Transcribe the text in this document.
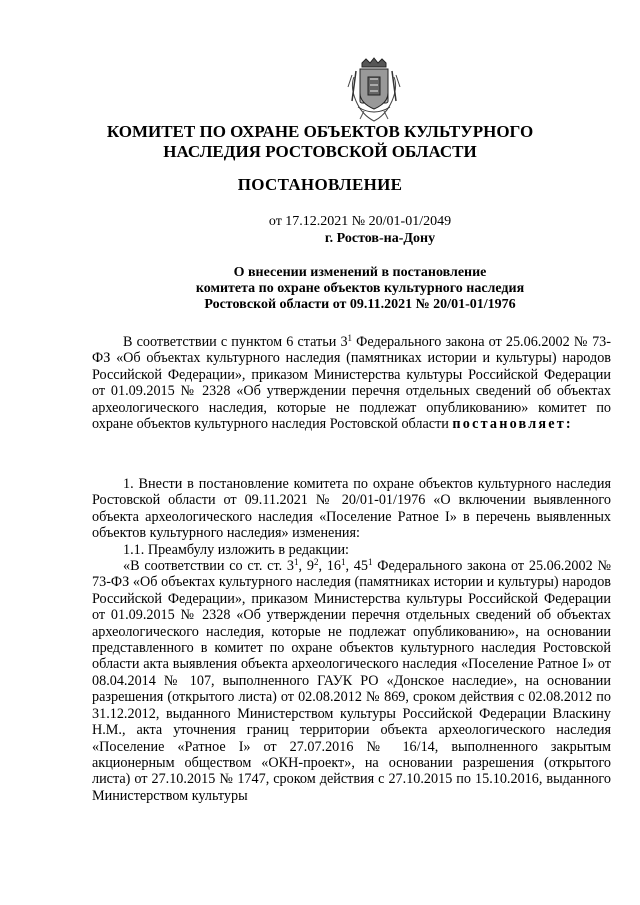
КОМИТЕТ ПО ОХРАНЕ ОБЪЕКТОВ КУЛЬТУРНОГО
НАСЛЕДИЯ РОСТОВСКОЙ ОБЛАСТИ
ПОСТАНОВЛЕНИЕ
от 17.12.2021 № 20/01-01/2049
г. Ростов-на-Дону
О внесении изменений в постановление
комитета по охране объектов культурного наследия
Ростовской области от 09.11.2021 № 20/01-01/1976

В соответствии с пунктом 6 статьи $3^1$ Федерального закона от 25.06.2002 № 73-ФЗ «Об объектах культурного наследия (памятниках истории и культуры) народов Российской Федерации», приказом Министерства культуры Российской Федерации от 01.09.2015 № 2328 «Об утверждении перечня отдельных сведений об объектах археологического наследия, которые не подлежат опубликованию» комитет по охране объектов культурного наследия Ростовской области постановляет:

1. Внести в постановление комитета по охране объектов культурного наследия Ростовской области от 09.11.2021 № 20/01-01/1976 «О включении выявленного объекта археологического наследия «Поселение Ратное I» в перечень выявленных объектов культурного наследия» изменения:

1.1. Преамбулу изложить в редакции:

«В соответствии со ст. ст. $3^1$, $9^2$, $16^1$, $45^1$ Федерального закона от 25.06.2002 № 73-ФЗ «Об объектах культурного наследия (памятниках истории и культуры) народов Российской Федерации», приказом Министерства культуры Российской Федерации от 01.09.2015 № 2328 «Об утверждении перечня отдельных сведений об объектах археологического наследия, которые не подлежат опубликованию», на основании представленного в комитет по охране объектов культурного наследия Ростовской области акта выявления объекта археологического наследия «Поселение Ратное I» от 08.04.2014 № 107, выполненного ГАУК РО «Донское наследие», на основании разрешения (открытого листа) от 02.08.2012 № 869, сроком действия с 02.08.2012 по 31.12.2012, выданного Министерством культуры Российской Федерации Власкину Н.М., акта уточнения границ территории объекта археологического наследия «Поселение «Ратное I» от 27.07.2016 № 16/14, выполненного закрытым акционерным обществом «ОКН-проект», на основании разрешения (открытого листа) от 27.10.2015 № 1747, сроком действия с 27.10.2015 по 15.10.2016, выданного Министерством культуры
